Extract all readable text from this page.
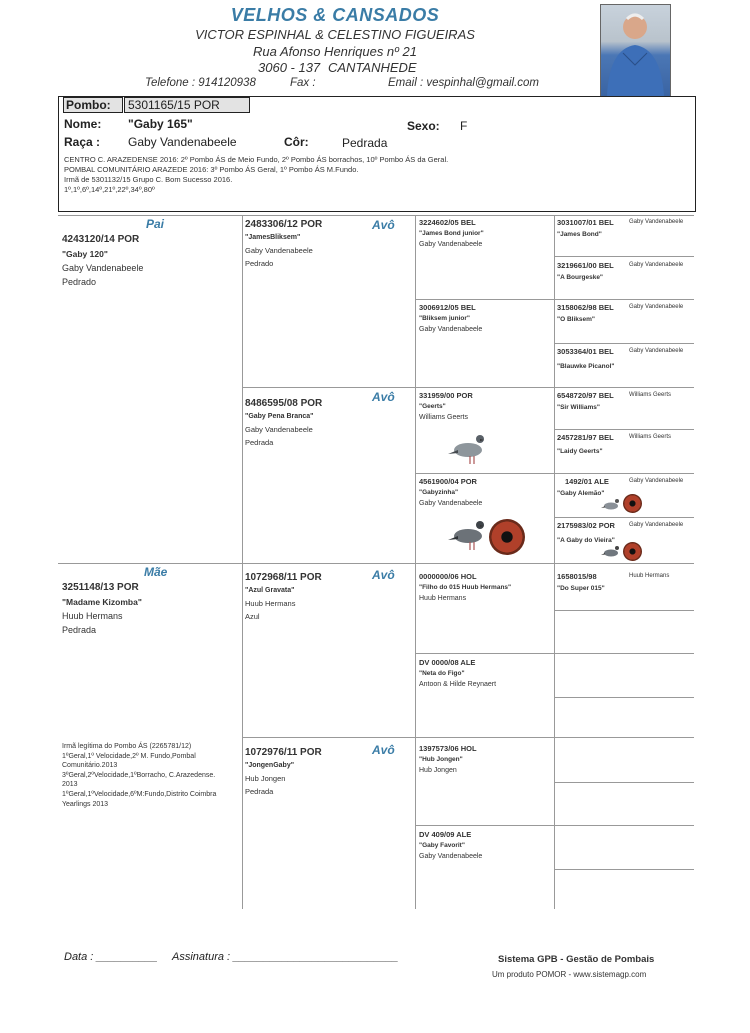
VELHOS & CANSADOS
VICTOR ESPINHAL & CELESTINO FIGUEIRAS
Rua Afonso Henriques nº 21
3060 - 137 CANTANHEDE
Telefone : 914120938	Fax :	Email : vespinhal@gmail.com
Pombo:	5301165/15 POR
Nome: "Gaby 165"	Sexo: F
Raça : Gaby Vandenabeele	Côr:	Pedrada
CENTRO C. ARAZEDENSE 2016: 2º Pombo ÁS de Meio Fundo, 2º Pombo ÁS borrachos, 10º Pombo ÁS da Geral.
POMBAL COMUNITÁRIO ARAZEDE 2016: 3º Pombo ÁS Geral, 1º Pombo ÁS M.Fundo.
Irmã de 5301132/15 Grupo C. Bom Sucesso 2016.
1º,1º,6º,14º,21º,22º,34º,80º
Pai
Mãe
Avô
Avô
Avô
Avô
4243120/14 POR
"Gaby 120"
Gaby Vandenabeele
Pedrado
3251148/13 POR
"Madame Kizomba"
Huub Hermans
Pedrada
Irmã legítima do Pombo ÁS (2265781/12)
1ºGeral,1º Velocidade,2º M. Fundo,Pombal
Comunitário.2013
3ºGeral,2ºVelocidade,1ºBorracho, C.Arazedense.
2013
1ºGeral,1ºVelocidade,6ºM:Fundo,Distrito Coimbra
Yearlings 2013
2483306/12 POR
"JamesBliksem"
Gaby Vandenabeele
Pedrado
8486595/08 POR
"Gaby Pena Branca"
Gaby Vandenabeele
Pedrada
1072968/11 POR
"Azul Gravata"
Huub Hermans
Azul
1072976/11 POR
"JongenGaby"
Hub Jongen
Pedrada
3224602/05 BEL
"James Bond junior"
Gaby Vandenabeele
3006912/05 BEL
"Bliksem junior"
Gaby Vandenabeele
331959/00 POR
"Geerts"
Williams Geerts
4561900/04 POR
"Gabyzinha"
Gaby Vandenabeele
0000000/06 HOL
"Filho do 015 Huub Hermans"
Huub Hermans
DV 0000/08 ALE
"Neta do Figo"
Antoon & Hilde Reynaert
1397573/06 HOL
"Hub Jongen"
Hub Jongen
DV 409/09 ALE
"Gaby Favorit"
Gaby Vandenabeele
3031007/01 BEL	Gaby Vandenabeele
"James Bond"
3219661/00 BEL	Gaby Vandenabeele
"A Bourgeske"
3158062/98 BEL	Gaby Vandenabeele
"O Bliksem"
3053364/01 BEL	Gaby Vandenabeele
"Blauwke Picanol"
6548720/97 BEL	Williams Geerts
"Sir Williams"
2457281/97 BEL	Williams Geerts
"Laidy Geerts"
1492/01 ALE	Gaby Vandenabeele
"Gaby Alemão"
2175983/02 POR Gaby Vandenabeele
"A Gaby do Vieira"
1658015/98	Huub Hermans
"Do Super 015"
Data : __________ Assinatura : ___________________________	Sistema GPB - Gestão de Pombais
Um produto POMOR - www.sistemagp.com
